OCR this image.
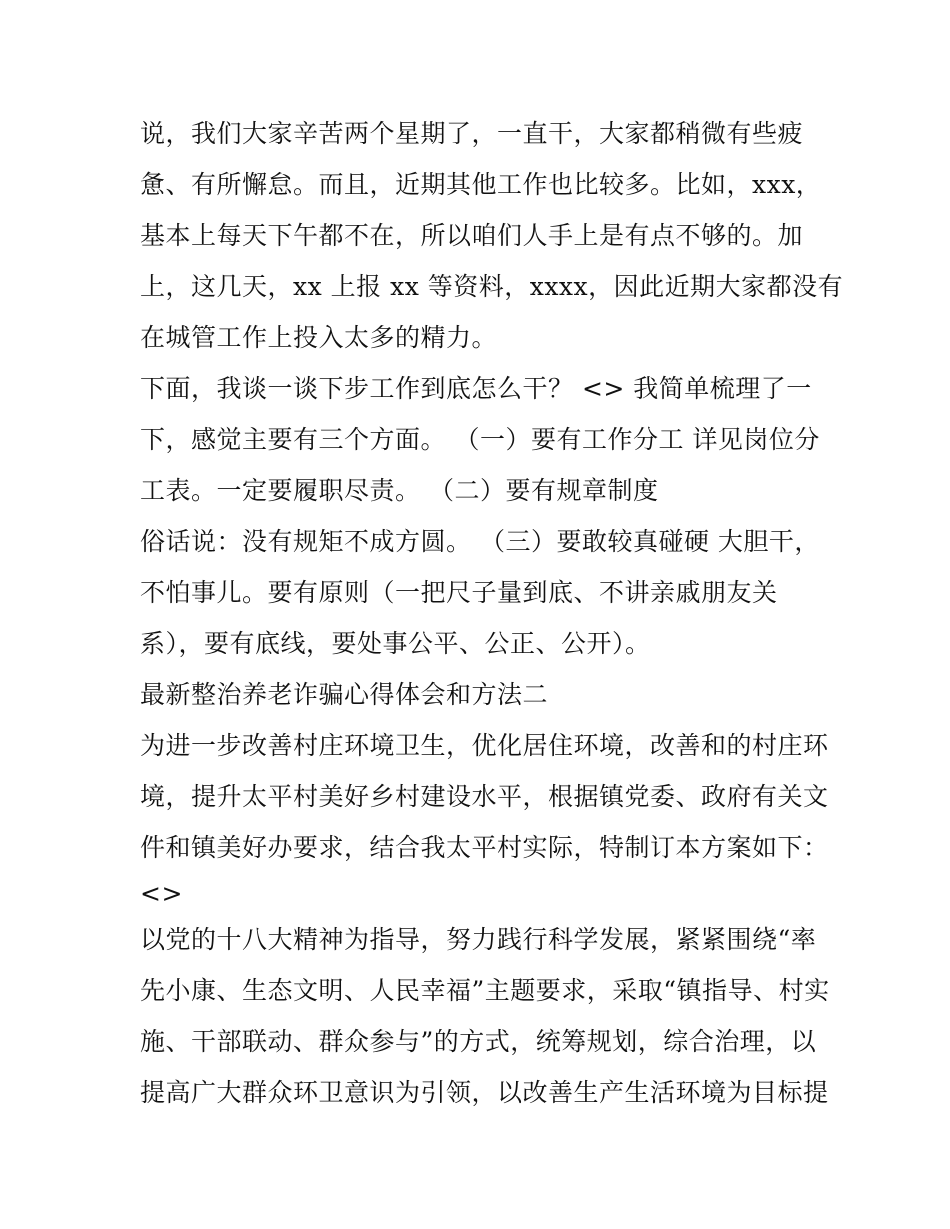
说，我们大家辛苦两个星期了，一直干，大家都稍微有些疲
惫、有所懈怠。而且，近期其他工作也比较多。比如，xxx，
基本上每天下午都不在，所以咱们人手上是有点不够的。加
上，这几天，xx 上报 xx 等资料，xxxx，因此近期大家都没有
在城管工作上投入太多的精力。
下面，我谈一谈下步工作到底怎么干？ <> 我简单梳理了一
下，感觉主要有三个方面。 （一）要有工作分工 详见岗位分
工表。一定要履职尽责。 （二）要有规章制度
俗话说：没有规矩不成方圆。 （三）要敢较真碰硬 大胆干，
不怕事儿。要有原则（一把尺子量到底、不讲亲戚朋友关
系），要有底线，要处事公平、公正、公开）。
最新整治养老诈骗心得体会和方法二
为进一步改善村庄环境卫生，优化居住环境，改善和的村庄环
境，提升太平村美好乡村建设水平，根据镇党委、政府有关文
件和镇美好办要求，结合我太平村实际，特制订本方案如下：
<>
以党的十八大精神为指导，努力践行科学发展，紧紧围绕“率
先小康、生态文明、人民幸福”主题要求，采取“镇指导、村实
施、干部联动、群众参与”的方式，统筹规划，综合治理，以
提高广大群众环卫意识为引领，以改善生产生活环境为目标提
